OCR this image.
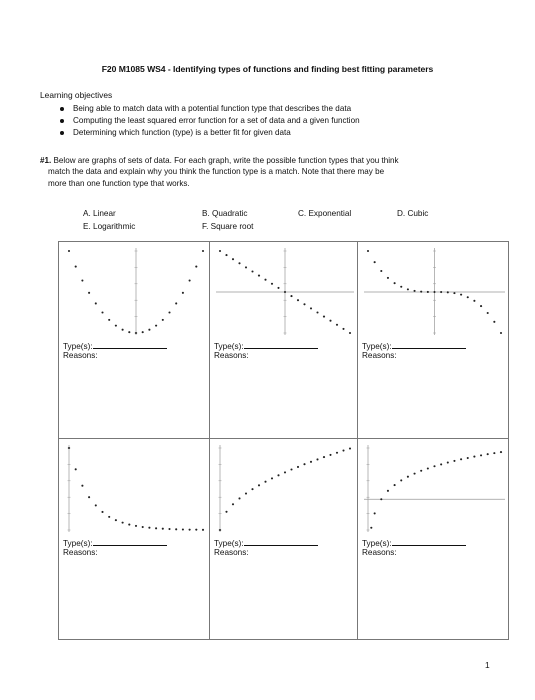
F20 M1085 WS4 - Identifying types of functions and finding best fitting parameters
Learning objectives
Being able to match data with a potential function type that describes the data
Computing the least squared error function for a set of data and a given function
Determining which function (type) is a better fit for given data
#1. Below are graphs of sets of data. For each graph, write the possible function types that you think
match the data and explain why you think the function type is a match. Note that there may be
more than one function type that works.
A. Linear	B. Quadratic	C. Exponential	D. Cubic
E. Logarithmic	F. Square root
Type(s):
Reasons:
Type(s):
Reasons:
Type(s):
Reasons:
Type(s):
Reasons:
Type(s):
Reasons:
Type(s):
Reasons:
1
